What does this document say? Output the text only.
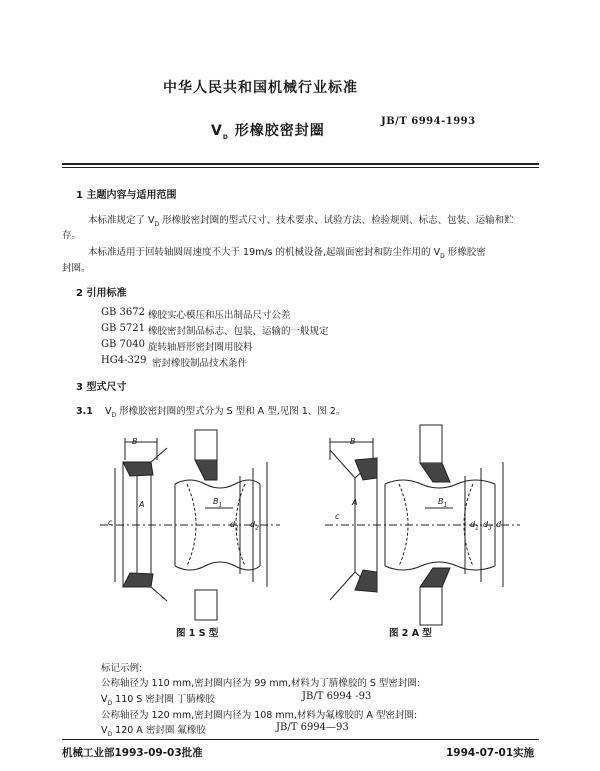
中华人民共和国机械行业标准
JB/T 6994-1993
$V_D$ 形橡胶密封圈
1 主题内容与适用范围
本标准规定了 $V_D$ 形橡胶密封圈的型式尺寸、技术要求、试验方法、检验规则、标志、包装、运输和贮
存。
本标准适用于回转轴圆周速度不大于 19m/s 的机械设备,起端面密封和防尘作用的 $V_D$ 形橡胶密
封圈。
2 引用标准
GB 3672 橡胶实心模压和压出制品尺寸公差
GB 5721 橡胶密封制品标志、包装、运输的一般规定
GB 7040 旋转轴唇形密封圈用胶料
HG4-329 密封橡胶制品技术条件
3 型式尺寸
3.1 $V_D$ 形橡胶密封圈的型式分为 S 型和 A 型,见图 1、图 2。
B
$B_1$
A
c	$d_1$ $d_2$
图 1 S 型
B
$B_1$
A
c
$d_1$ $d_3$ d
图 2 A 型
标记示例:
公称轴径为 110 mm,密封圈内径为 99 mm,材料为丁腈橡胶的 S 型密封圈:
$V_D$ 110 S 密封圈 丁腈橡胶	JB/T 6994 -93
公称轴径为 120 mm,密封圈内径为 108 mm,材料为氟橡胶的 A 型密封圈:
$V_D$ 120 A 密封圈 氟橡胶	JB/T 6994—93
机械工业部1993-09-03批准	1994-07-01实施
